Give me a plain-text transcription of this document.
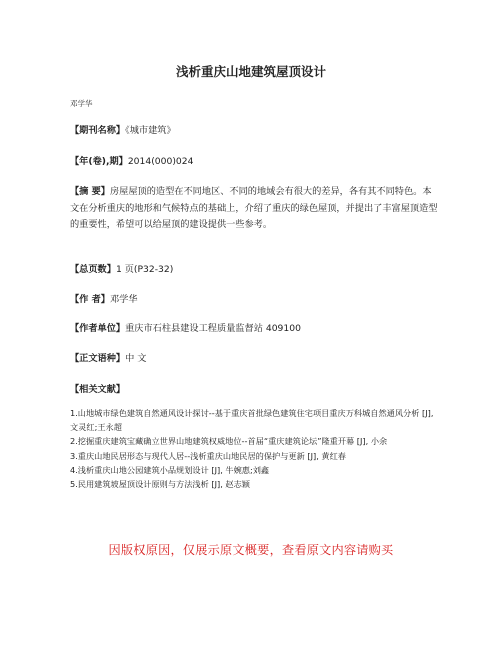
浅析重庆山地建筑屋顶设计
邓学华
【期刊名称】《城市建筑》
【年(卷),期】2014(000)024
【摘 要】房屋屋顶的造型在不同地区、不同的地域会有很大的差异，各有其不同特色。本文在分析重庆的地形和气候特点的基础上，介绍了重庆的绿色屋顶，并提出了丰富屋顶造型的重要性，希望可以给屋顶的建设提供一些参考。
【总页数】1 页(P32-32)
【作 者】邓学华
【作者单位】重庆市石柱县建设工程质量监督站 409100
【正文语种】中 文
【相关文献】

1.山地城市绿色建筑自然通风设计探讨--基于重庆首批绿色建筑住宅项目重庆万科城自然通风分析 [J], 文灵红;王永超

2.挖掘重庆建筑宝藏确立世界山地建筑权威地位--首届“重庆建筑论坛”隆重开幕 [J], 小余

3.重庆山地民居形态与现代人居--浅析重庆山地民居的保护与更新 [J], 黄红春

4.浅析重庆山地公园建筑小品规划设计 [J], 牛婉惠;刘鑫

5.民用建筑坡屋顶设计原则与方法浅析 [J], 赵志颖

因版权原因，仅展示原文概要，查看原文内容请购买
